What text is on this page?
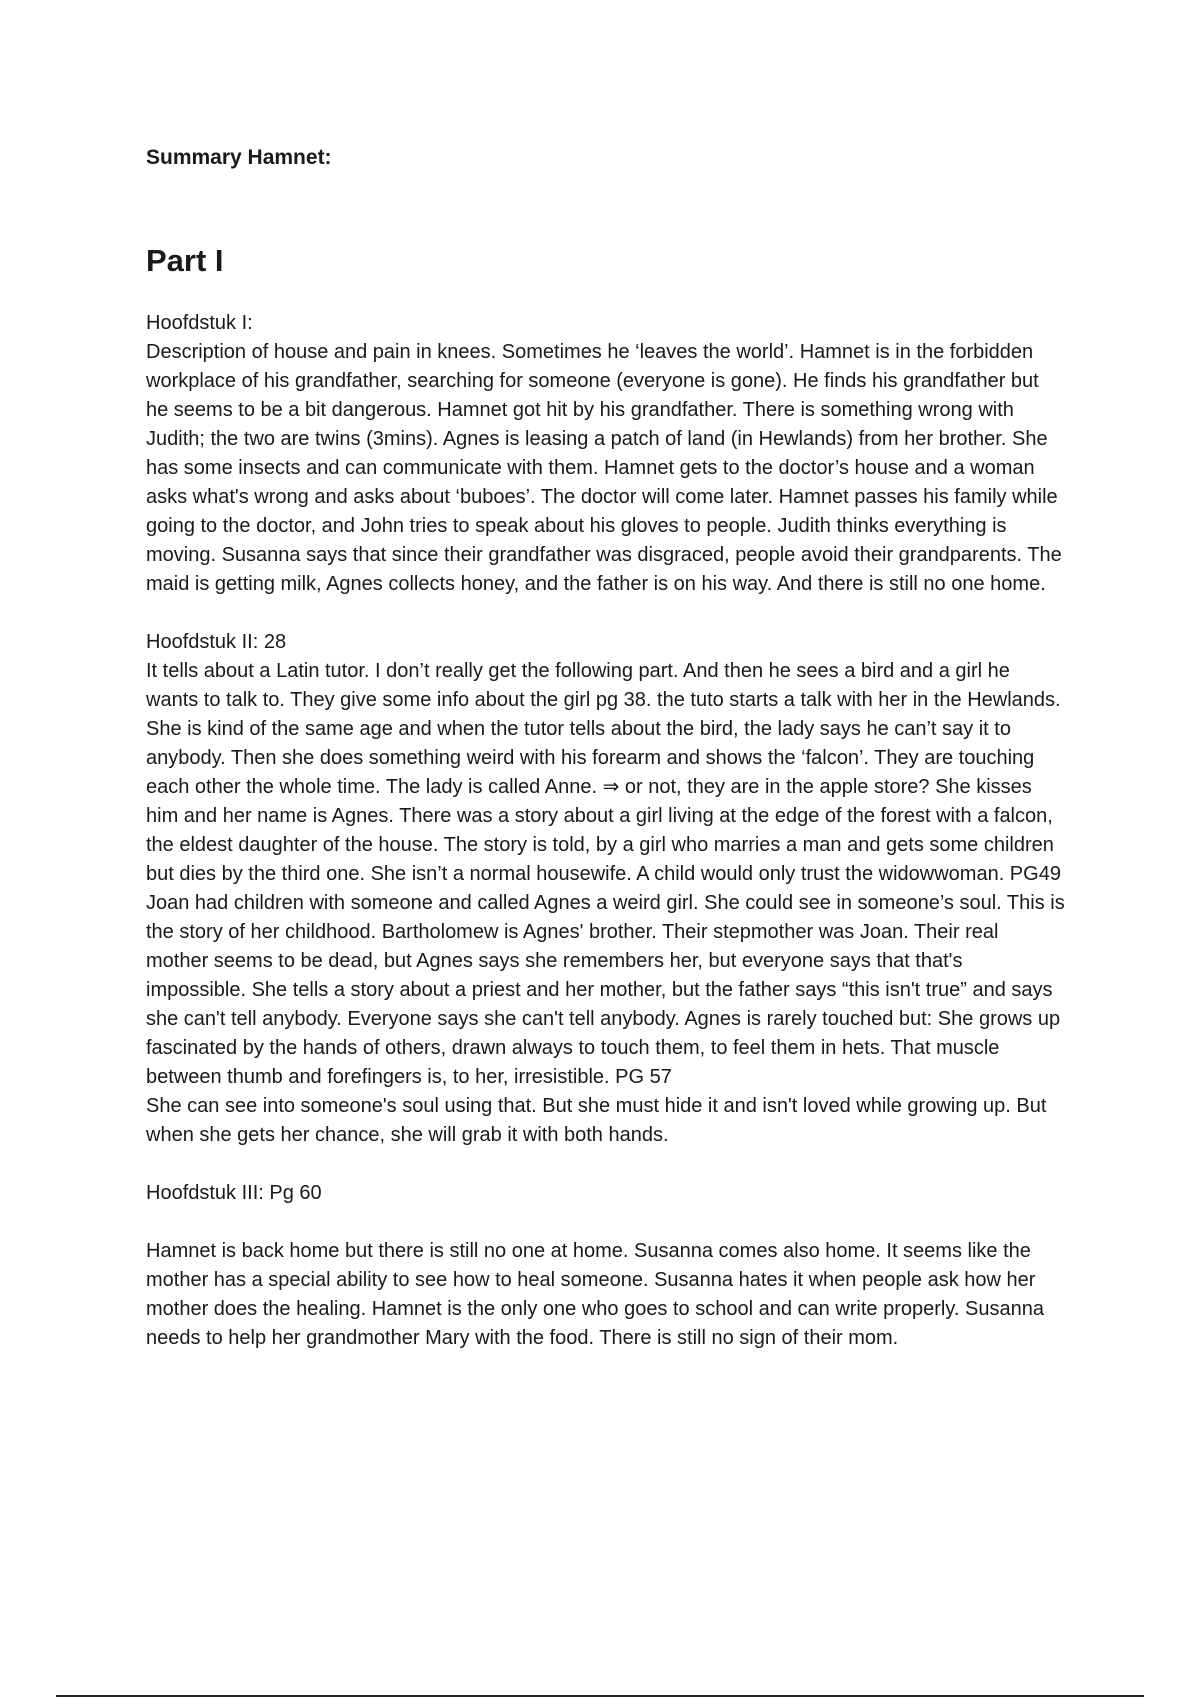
Summary Hamnet:

Part I

Hoofdstuk I:

Description of house and pain in knees. Sometimes he ‘leaves the world’. Hamnet is in the forbidden workplace of his grandfather, searching for someone (everyone is gone). He finds his grandfather but he seems to be a bit dangerous. Hamnet got hit by his grandfather. There is something wrong with Judith; the two are twins (3mins). Agnes is leasing a patch of land (in Hewlands) from her brother. She has some insects and can communicate with them. Hamnet gets to the doctor’s house and a woman asks what's wrong and asks about ‘buboes’. The doctor will come later. Hamnet passes his family while going to the doctor, and John tries to speak about his gloves to people. Judith thinks everything is moving. Susanna says that since their grandfather was disgraced, people avoid their grandparents. The maid is getting milk, Agnes collects honey, and the father is on his way. And there is still no one home.

Hoofdstuk II: 28

It tells about a Latin tutor. I don’t really get the following part. And then he sees a bird and a girl he wants to talk to. They give some info about the girl pg 38. the tuto starts a talk with her in the Hewlands. She is kind of the same age and when the tutor tells about the bird, the lady says he can’t say it to anybody. Then she does something weird with his forearm and shows the ‘falcon’. They are touching each other the whole time. The lady is called Anne. ⇒ or not, they are in the apple store? She kisses him and her name is Agnes. There was a story about a girl living at the edge of the forest with a falcon, the eldest daughter of the house. The story is told, by a girl who marries a man and gets some children but dies by the third one. She isn’t a normal housewife. A child would only trust the widowwoman. PG49 Joan had children with someone and called Agnes a weird girl. She could see in someone’s soul. This is the story of her childhood. Bartholomew is Agnes' brother. Their stepmother was Joan. Their real mother seems to be dead, but Agnes says she remembers her, but everyone says that that's impossible. She tells a story about a priest and her mother, but the father says “this isn't true” and says she can't tell anybody. Everyone says she can't tell anybody. Agnes is rarely touched but: She grows up fascinated by the hands of others, drawn always to touch them, to feel them in hets. That muscle between thumb and forefingers is, to her, irresistible. PG 57

She can see into someone's soul using that. But she must hide it and isn't loved while growing up. But when she gets her chance, she will grab it with both hands.

Hoofdstuk III: Pg 60

Hamnet is back home but there is still no one at home. Susanna comes also home. It seems like the mother has a special ability to see how to heal someone. Susanna hates it when people ask how her mother does the healing. Hamnet is the only one who goes to school and can write properly. Susanna needs to help her grandmother Mary with the food. There is still no sign of their mom.
